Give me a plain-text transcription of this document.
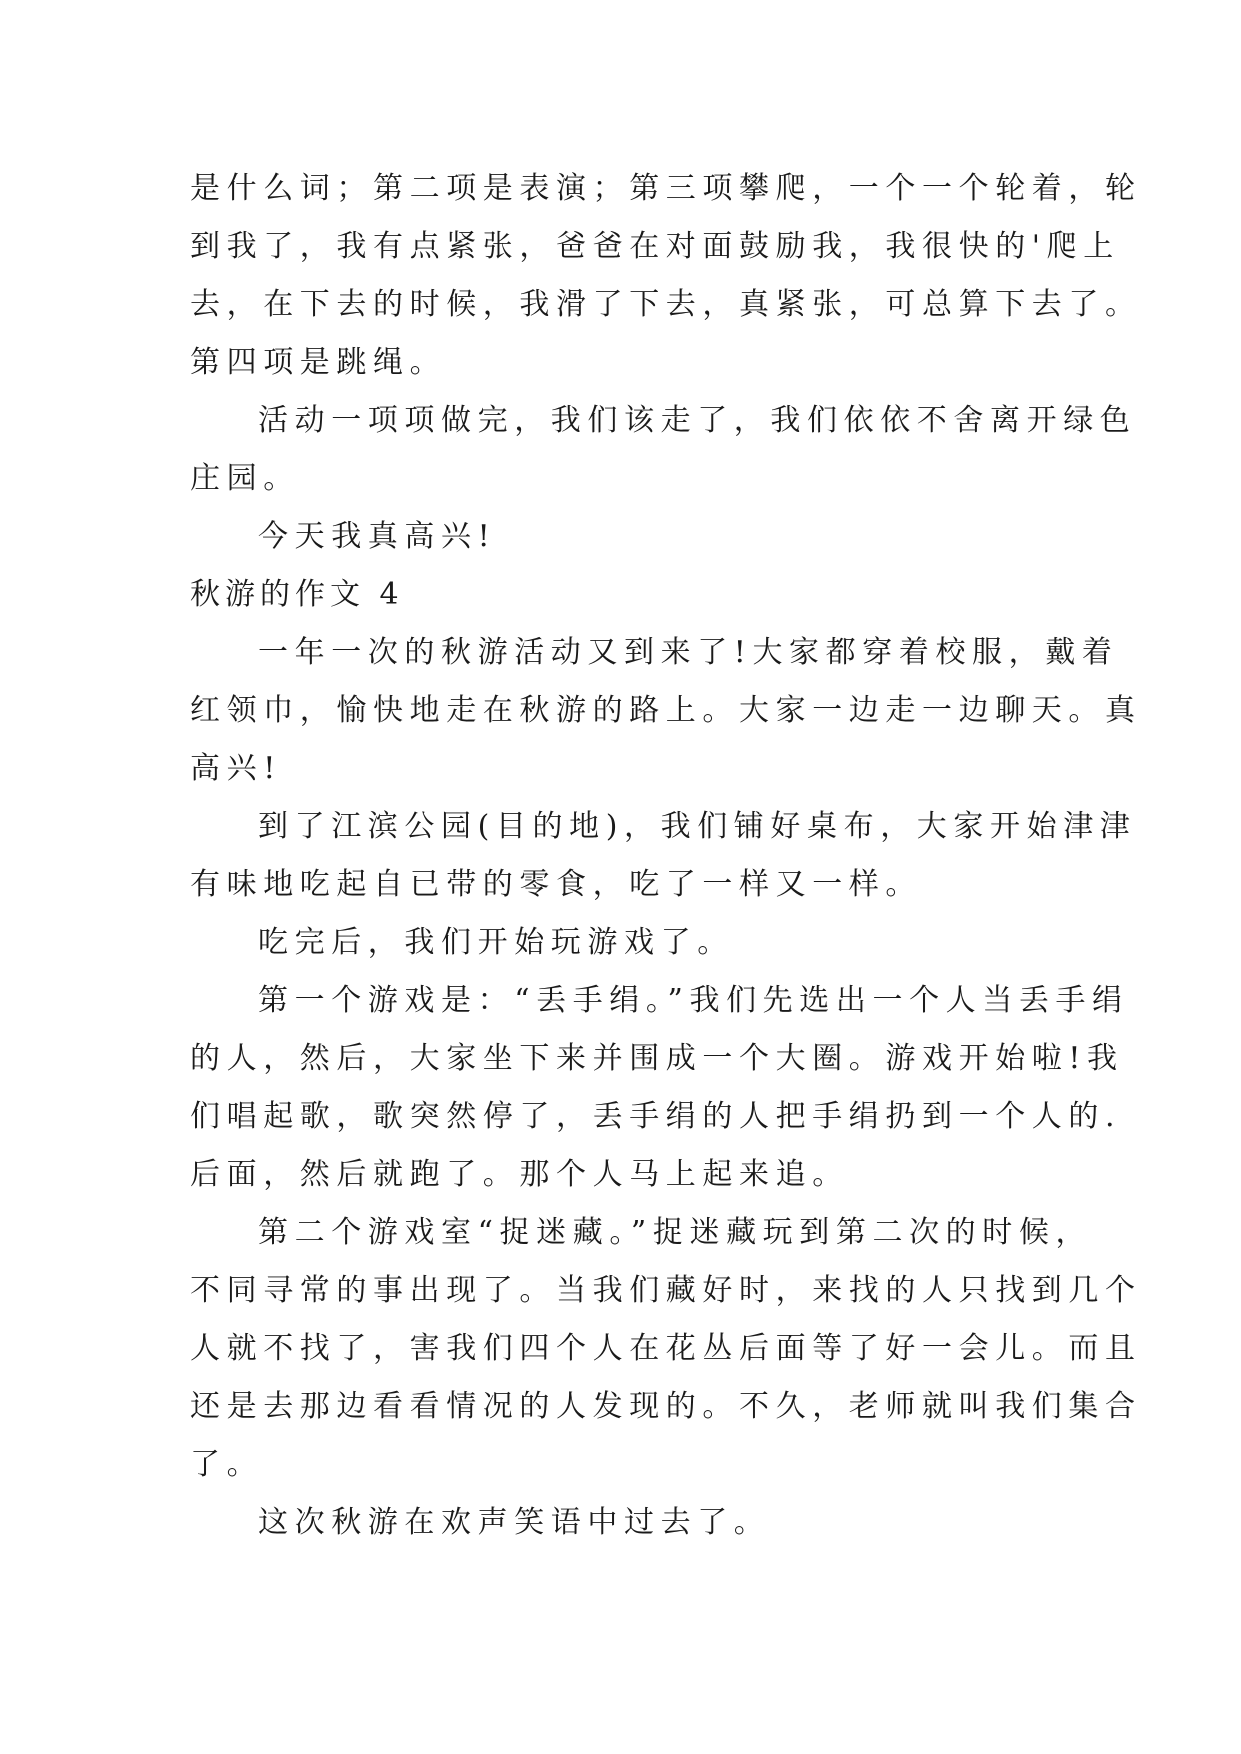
是什么词；第二项是表演；第三项攀爬，一个一个轮着，轮
到我了，我有点紧张，爸爸在对面鼓励我，我很快的'爬上
去，在下去的时候，我滑了下去，真紧张，可总算下去了。
第四项是跳绳。
活动一项项做完，我们该走了，我们依依不舍离开绿色
庄园。
今天我真高兴!
秋游的作文 4
一年一次的秋游活动又到来了!大家都穿着校服，戴着
红领巾，愉快地走在秋游的路上。大家一边走一边聊天。真
高兴!
到了江滨公园(目的地)，我们铺好桌布，大家开始津津
有味地吃起自已带的零食，吃了一样又一样。
吃完后，我们开始玩游戏了。
第一个游戏是：“丢手绢。”我们先选出一个人当丢手绢
的人，然后，大家坐下来并围成一个大圈。游戏开始啦!我
们唱起歌，歌突然停了，丢手绢的人把手绢扔到一个人的.
后面，然后就跑了。那个人马上起来追。
第二个游戏室“捉迷藏。”捉迷藏玩到第二次的时候，
不同寻常的事出现了。当我们藏好时，来找的人只找到几个
人就不找了，害我们四个人在花丛后面等了好一会儿。而且
还是去那边看看情况的人发现的。不久，老师就叫我们集合
了。
这次秋游在欢声笑语中过去了。
